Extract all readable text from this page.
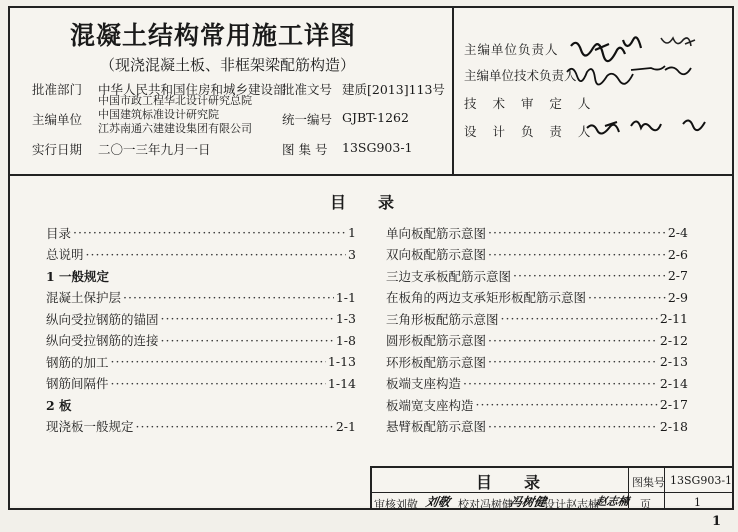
混凝土结构常用施工详图
（现浇混凝土板、非框架梁配筋构造）
批准部门 中华人民共和国住房和城乡建设部
批准文号 建质[2013]113号
主编单位
中国市政工程华北设计研究总院
中国建筑标准设计研究院
江苏南通六建建设集团有限公司
统一编号 GJBT-1262
实行日期 二〇一三年九月一日	图 集 号 13SG903-1
主编单位负责人
主编单位技术负责人
技 术 审 定 人
设 计 负 责 人
目　　录
目录 ·····	1
总说明 ·····	3
1 一般规定
混凝土保护层 ·····	1-1
纵向受拉钢筋的锚固 ·····	1-3
纵向受拉钢筋的连接 ·····	1-8
钢筋的加工 ·····	1-13
钢筋间隔件 ·····	1-14
2 板
现浇板一般规定 ·····	2-1
单向板配筋示意图 ·····	2-4
双向板配筋示意图 ·····	2-6
三边支承板配筋示意图 ·····	2-7
在板角的两边支承矩形板配筋示意图 ·····	2-9
三角形板配筋示意图 ·····	2-11
圆形板配筋示意图 ·····	2-12
环形板配筋示意图 ·····	2-13
板端支座构造 ·····	2-14
板端宽支座构造 ·····	2-17
悬臂板配筋示意图 ·····	2-18
目　　录	图集号 13SG903-1
审核 刘敬 刘敬 校对 冯树健
冯树健
设计 赵志楠
赵志楠 页	1
1
